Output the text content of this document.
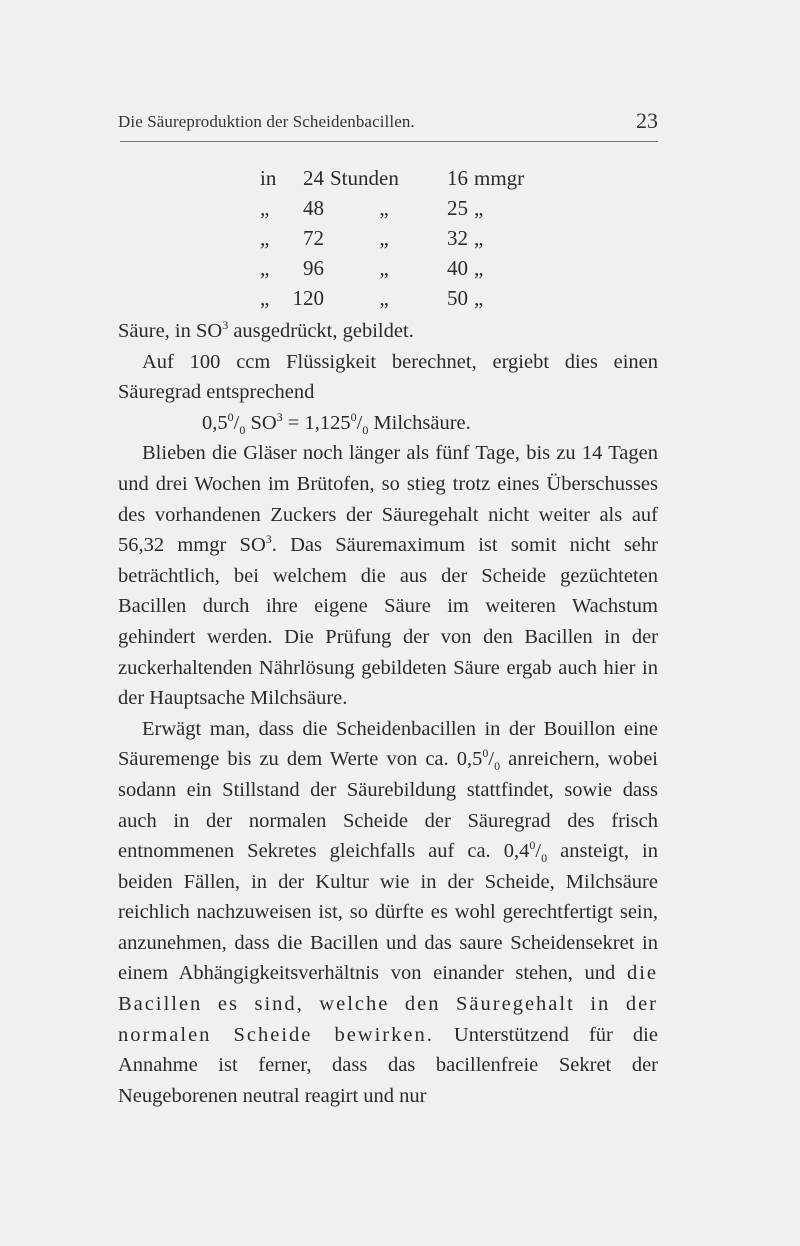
Die Säureproduktion der Scheidenbacillen.	23
in	24	Stunden	16	mmgr
„	48	„	25	„
„	72	„	32	„
„	96	„	40	„
„	120	„	50	„

Säure, in $SO^3$ ausgedrückt, gebildet.

Auf 100 ccm Flüssigkeit berechnet, ergiebt dies einen Säuregrad entsprechend

$0,5^0/_0$ $SO^3 = 1,125^0/_0$ Milchsäure.

Blieben die Gläser noch länger als fünf Tage, bis zu 14 Tagen und drei Wochen im Brütofen, so stieg trotz eines Überschusses des vorhandenen Zuckers der Säuregehalt nicht weiter als auf 56,32 mmgr $SO^3$. Das Säuremaximum ist somit nicht sehr beträchtlich, bei welchem die aus der Scheide gezüchteten Bacillen durch ihre eigene Säure im weiteren Wachstum gehindert werden. Die Prüfung der von den Bacillen in der zuckerhaltenden Nährlösung gebildeten Säure ergab auch hier in der Hauptsache Milchsäure.

Erwägt man, dass die Scheidenbacillen in der Bouillon eine Säuremenge bis zu dem Werte von ca. $0,5^0/_0$ anreichern, wobei sodann ein Stillstand der Säurebildung stattfindet, sowie dass auch in der normalen Scheide der Säuregrad des frisch entnommenen Sekretes gleichfalls auf ca. $0,4^0/_0$ ansteigt, in beiden Fällen, in der Kultur wie in der Scheide, Milchsäure reichlich nachzuweisen ist, so dürfte es wohl gerechtfertigt sein, anzunehmen, dass die Bacillen und das saure Scheidensekret in einem Abhängigkeitsverhältnis von einander stehen, und die Bacillen es sind, welche den Säuregehalt in der normalen Scheide bewirken. Unterstützend für die Annahme ist ferner, dass das bacillenfreie Sekret der Neugeborenen neutral reagirt und nur
